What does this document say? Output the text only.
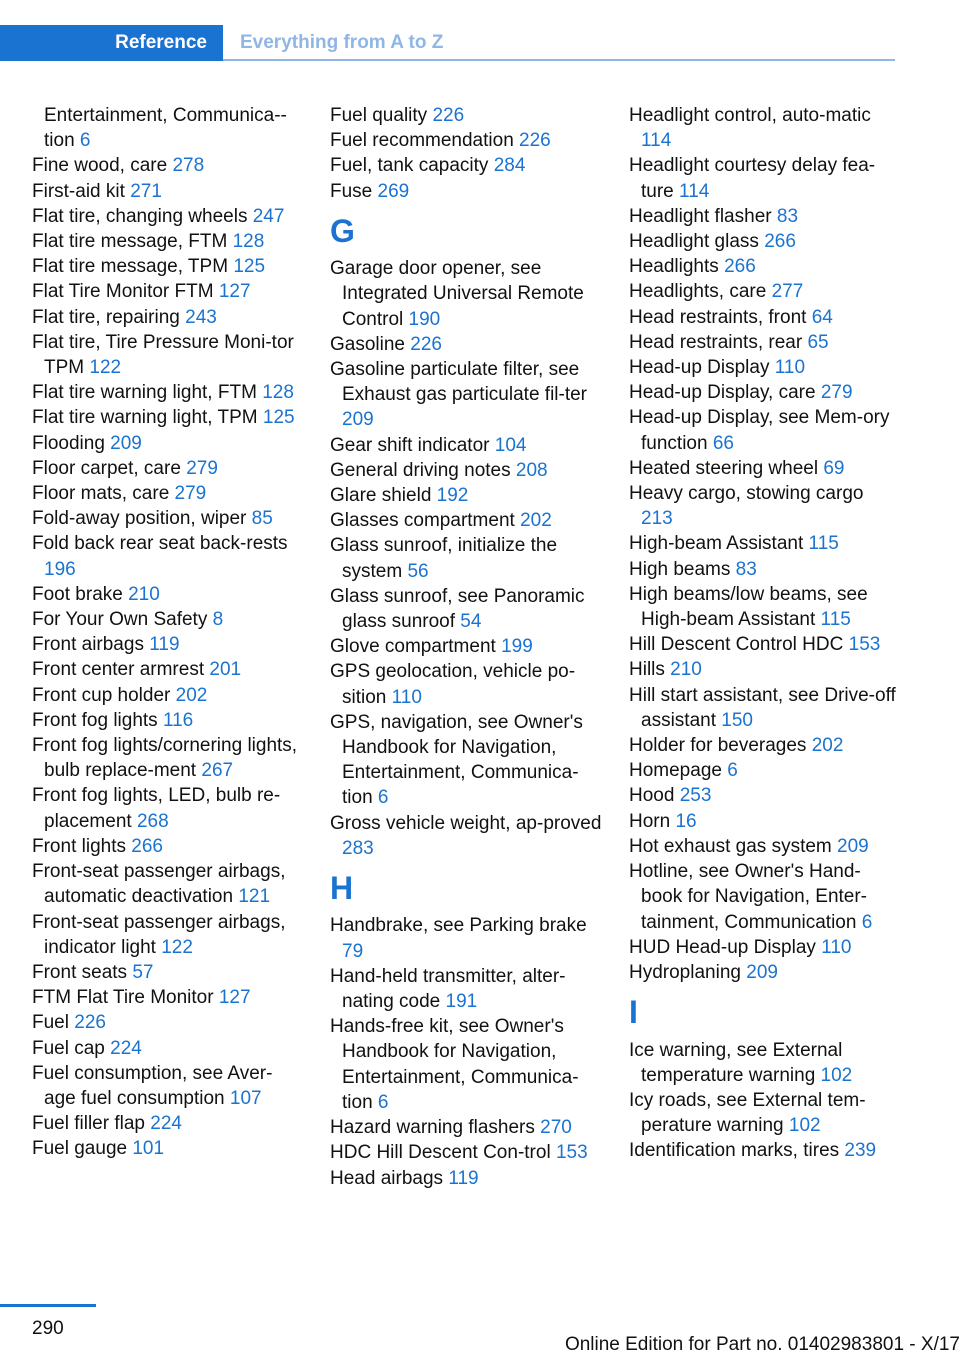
Reference Everything from A to Z
Entertainment, Communica-tion 6
Fine wood, care 278
First-aid kit 271
Flat tire, changing wheels 247
Flat tire message, FTM 128
Flat tire message, TPM 125
Flat Tire Monitor FTM 127
Flat tire, repairing 243
Flat tire, Tire Pressure Moni-tor TPM 122
Flat tire warning light, FTM 128
Flat tire warning light, TPM 125
Flooding 209
Floor carpet, care 279
Floor mats, care 279
Fold-away position, wiper 85
Fold back rear seat back-rests 196
Foot brake 210
For Your Own Safety 8
Front airbags 119
Front center armrest 201
Front cup holder 202
Front fog lights 116
Front fog lights/cornering lights, bulb replace-ment 267
Front fog lights, LED, bulb re-placement 268
Front lights 266
Front-seat passenger airbags, automatic deactivation 121
Front-seat passenger airbags, indicator light 122
Front seats 57
FTM Flat Tire Monitor 127
Fuel 226
Fuel cap 224
Fuel consumption, see Aver-age fuel consumption 107
Fuel filler flap 224
Fuel gauge 101
Fuel quality 226
Fuel recommendation 226
Fuel, tank capacity 284
Fuse 269
G
Garage door opener, see Integrated Universal Remote Control 190
Gasoline 226
Gasoline particulate filter, see Exhaust gas particulate fil-ter 209
Gear shift indicator 104
General driving notes 208
Glare shield 192
Glasses compartment 202
Glass sunroof, initialize the system 56
Glass sunroof, see Panoramic glass sunroof 54
Glove compartment 199
GPS geolocation, vehicle po-sition 110
GPS, navigation, see Owner's Handbook for Navigation, Entertainment, Communica-tion 6
Gross vehicle weight, ap-proved 283
H
Handbrake, see Parking brake 79
Hand-held transmitter, alter-nating code 191
Hands-free kit, see Owner's Handbook for Navigation, Entertainment, Communica-tion 6
Hazard warning flashers 270
HDC Hill Descent Con-trol 153
Head airbags 119
Headlight control, auto-matic 114
Headlight courtesy delay fea-ture 114
Headlight flasher 83
Headlight glass 266
Headlights 266
Headlights, care 277
Head restraints, front 64
Head restraints, rear 65
Head-up Display 110
Head-up Display, care 279
Head-up Display, see Mem-ory function 66
Heated steering wheel 69
Heavy cargo, stowing cargo 213
High-beam Assistant 115
High beams 83
High beams/low beams, see High-beam Assistant 115
Hill Descent Control HDC 153
Hills 210
Hill start assistant, see Drive-off assistant 150
Holder for beverages 202
Homepage 6
Hood 253
Horn 16
Hot exhaust gas system 209
Hotline, see Owner's Hand-book for Navigation, Enter-tainment, Communication 6
HUD Head-up Display 110
Hydroplaning 209
I
Ice warning, see External temperature warning 102
Icy roads, see External tem-perature warning 102
Identification marks, tires 239
290
Online Edition for Part no. 01402983801 - X/17
